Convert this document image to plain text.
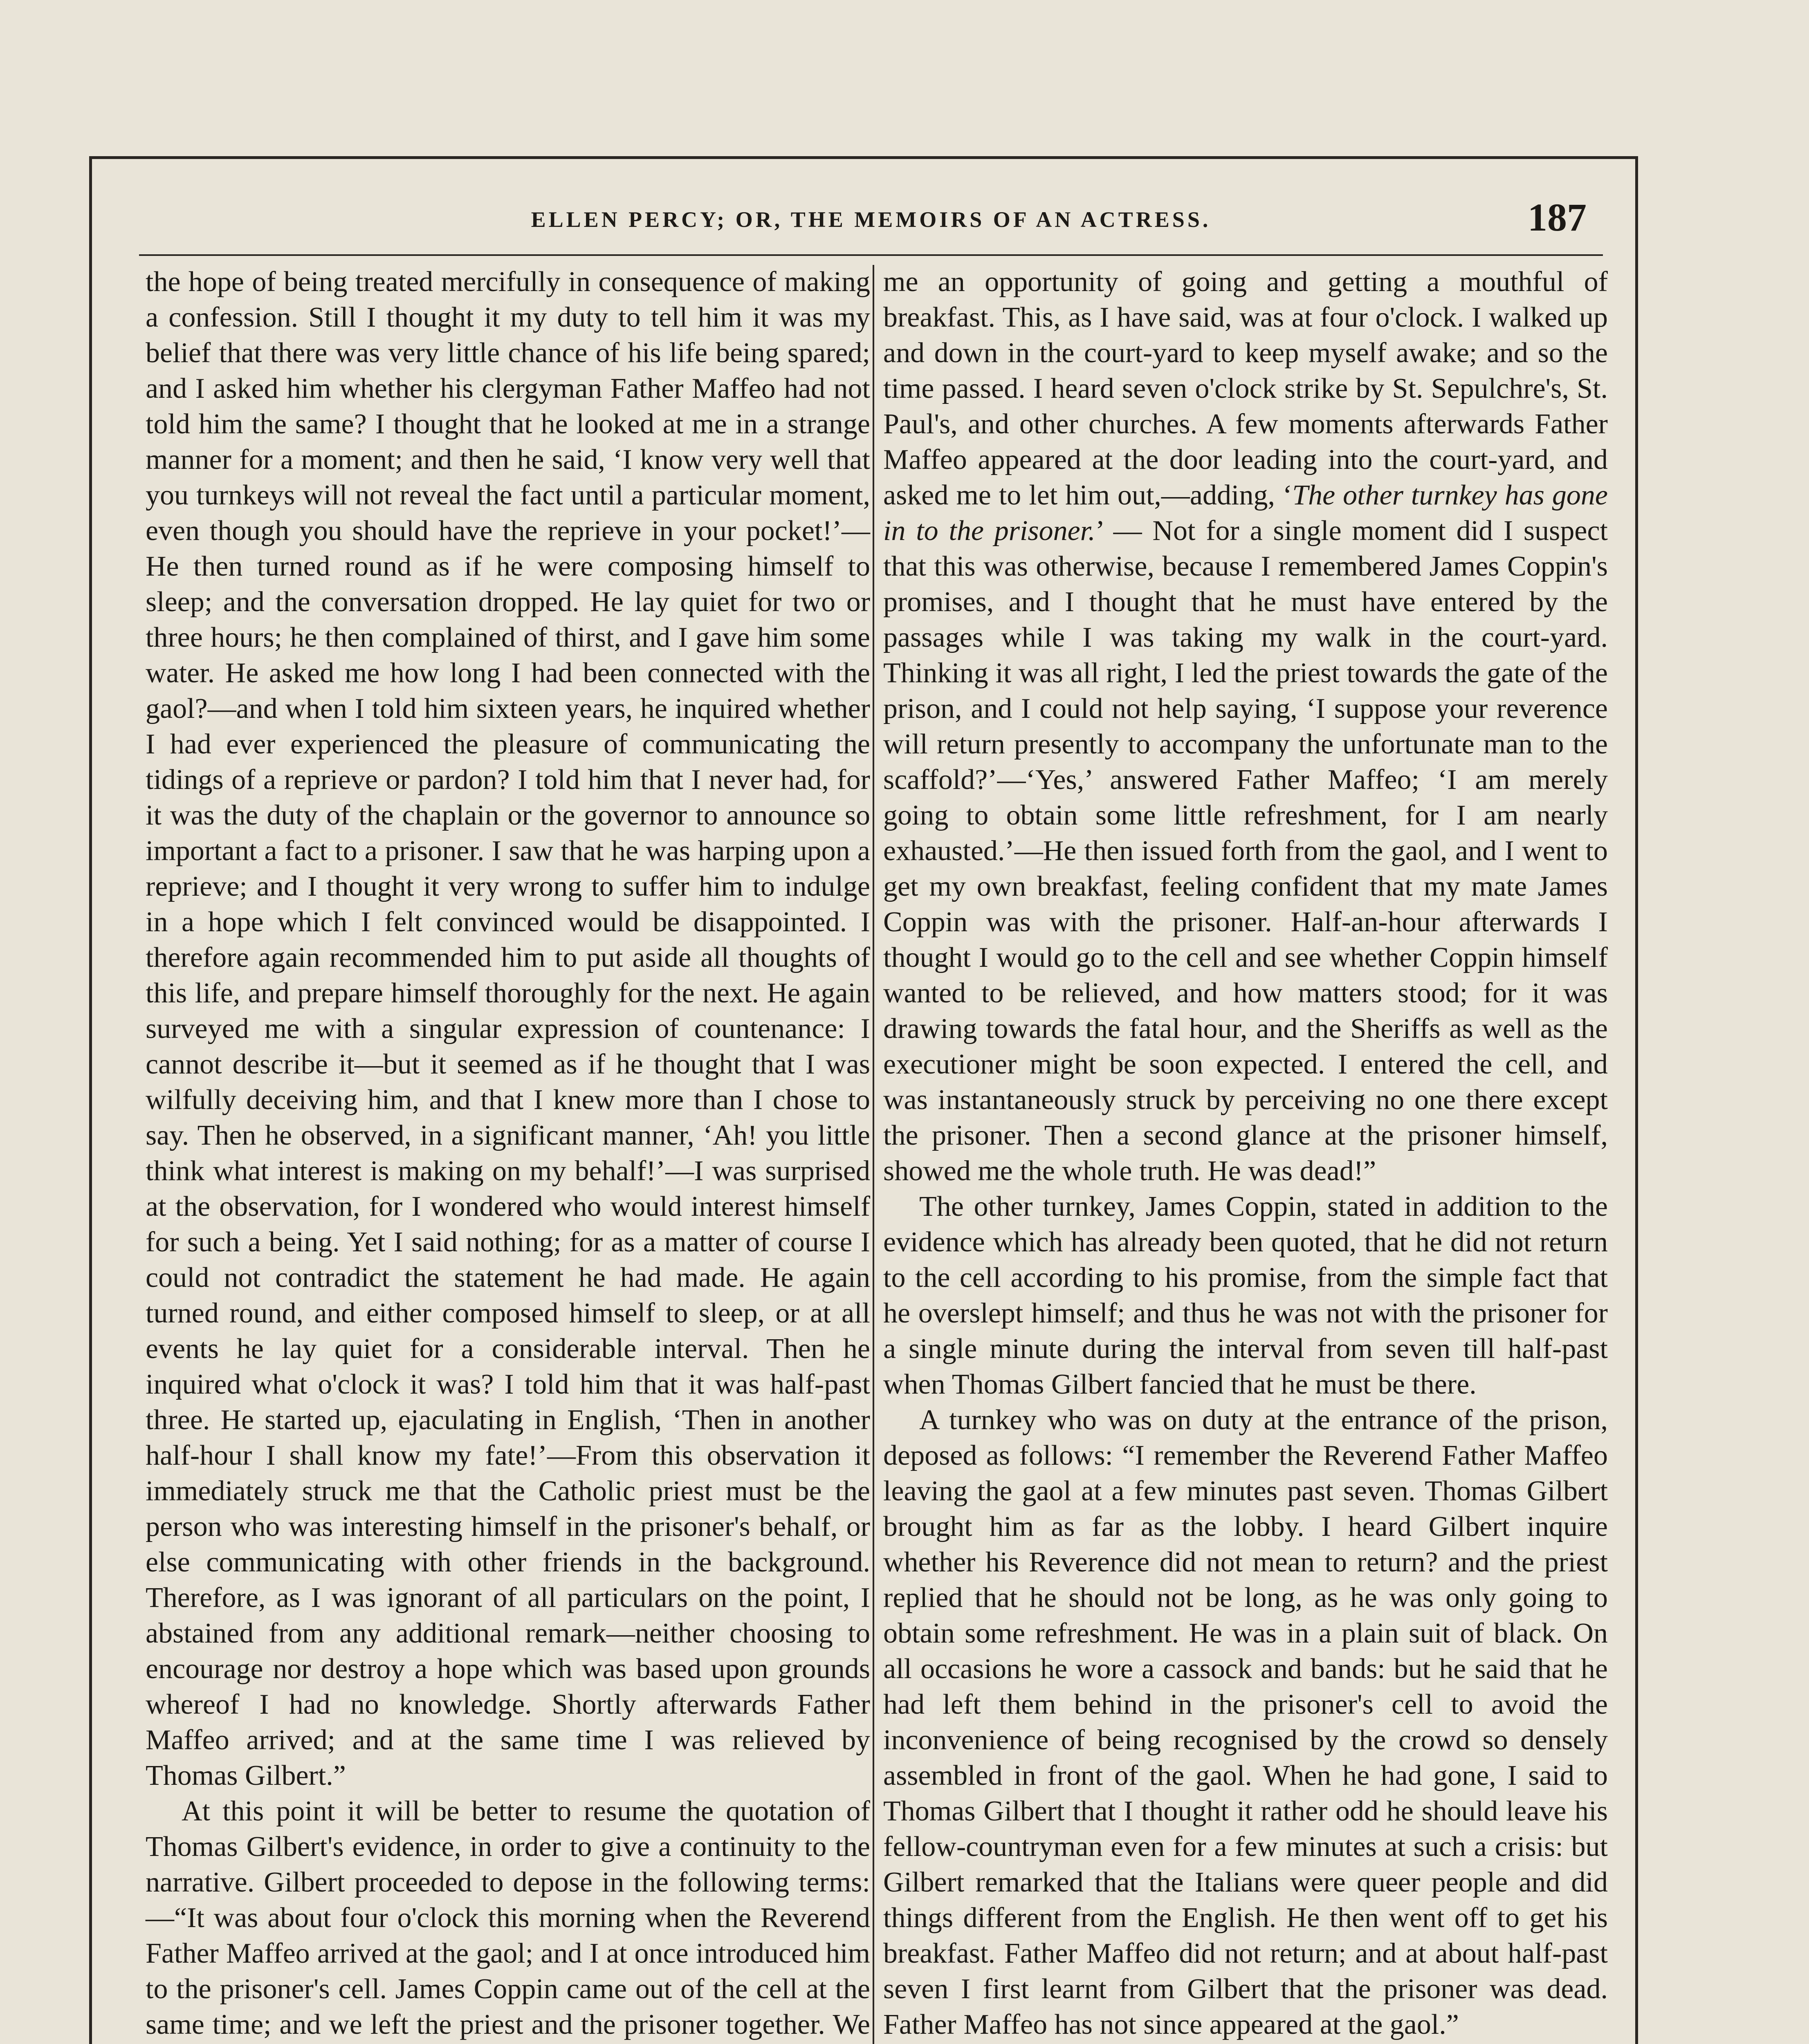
ELLEN PERCY; OR, THE MEMOIRS OF AN ACTRESS.	187

the hope of being treated mercifully in consequence of making a confession. Still I thought it my duty to tell him it was my belief that there was very little chance of his life being spared; and I asked him whether his clergyman Father Maffeo had not told him the same? I thought that he looked at me in a strange manner for a moment; and then he said, ‘I know very well that you turnkeys will not reveal the fact until a particular moment, even though you should have the reprieve in your pocket!’—He then turned round as if he were composing himself to sleep; and the conversation dropped. He lay quiet for two or three hours; he then complained of thirst, and I gave him some water. He asked me how long I had been connected with the gaol?—and when I told him sixteen years, he inquired whether I had ever experienced the pleasure of communicating the tidings of a reprieve or pardon? I told him that I never had, for it was the duty of the chaplain or the governor to announce so important a fact to a prisoner. I saw that he was harping upon a reprieve; and I thought it very wrong to suffer him to indulge in a hope which I felt convinced would be disappointed. I therefore again recommended him to put aside all thoughts of this life, and prepare himself thoroughly for the next. He again surveyed me with a singular expression of countenance: I cannot describe it—but it seemed as if he thought that I was wilfully deceiving him, and that I knew more than I chose to say. Then he observed, in a significant manner, ‘Ah! you little think what interest is making on my behalf!’—I was surprised at the observation, for I wondered who would interest himself for such a being. Yet I said nothing; for as a matter of course I could not contradict the statement he had made. He again turned round, and either composed himself to sleep, or at all events he lay quiet for a considerable interval. Then he inquired what o'clock it was? I told him that it was half-past three. He started up, ejaculating in English, ‘Then in another half-hour I shall know my fate!’—From this observation it immediately struck me that the Catholic priest must be the person who was interesting himself in the prisoner's behalf, or else communicating with other friends in the background. Therefore, as I was ignorant of all particulars on the point, I abstained from any additional remark—neither choosing to encourage nor destroy a hope which was based upon grounds whereof I had no knowledge. Shortly afterwards Father Maffeo arrived; and at the same time I was relieved by Thomas Gilbert.”

At this point it will be better to resume the quotation of Thomas Gilbert's evidence, in order to give a continuity to the narrative. Gilbert proceeded to depose in the following terms:—“It was about four o'clock this morning when the Reverend Father Maffeo arrived at the gaol; and I at once introduced him to the prisoner's cell. James Coppin came out of the cell at the same time; and we left the priest and the prisoner together. We

me an opportunity of going and getting a mouthful of breakfast. This, as I have said, was at four o'clock. I walked up and down in the court-yard to keep myself awake; and so the time passed. I heard seven o'clock strike by St. Sepulchre's, St. Paul's, and other churches. A few moments afterwards Father Maffeo appeared at the door leading into the court-yard, and asked me to let him out,—adding, ‘The other turnkey has gone in to the prisoner.’ — Not for a single moment did I suspect that this was otherwise, because I remembered James Coppin's promises, and I thought that he must have entered by the passages while I was taking my walk in the court-yard. Thinking it was all right, I led the priest towards the gate of the prison, and I could not help saying, ‘I suppose your reverence will return presently to accompany the unfortunate man to the scaffold?’—‘Yes,’ answered Father Maffeo; ‘I am merely going to obtain some little refreshment, for I am nearly exhausted.’—He then issued forth from the gaol, and I went to get my own breakfast, feeling confident that my mate James Coppin was with the prisoner. Half-an-hour afterwards I thought I would go to the cell and see whether Coppin himself wanted to be relieved, and how matters stood; for it was drawing towards the fatal hour, and the Sheriffs as well as the executioner might be soon expected. I entered the cell, and was instantaneously struck by perceiving no one there except the prisoner. Then a second glance at the prisoner himself, showed me the whole truth. He was dead!”

The other turnkey, James Coppin, stated in addition to the evidence which has already been quoted, that he did not return to the cell according to his promise, from the simple fact that he overslept himself; and thus he was not with the prisoner for a single minute during the interval from seven till half-past when Thomas Gilbert fancied that he must be there.

A turnkey who was on duty at the entrance of the prison, deposed as follows: “I remember the Reverend Father Maffeo leaving the gaol at a few minutes past seven. Thomas Gilbert brought him as far as the lobby. I heard Gilbert inquire whether his Reverence did not mean to return? and the priest replied that he should not be long, as he was only going to obtain some refreshment. He was in a plain suit of black. On all occasions he wore a cassock and bands: but he said that he had left them behind in the prisoner's cell to avoid the inconvenience of being recognised by the crowd so densely assembled in front of the gaol. When he had gone, I said to Thomas Gilbert that I thought it rather odd he should leave his fellow-countryman even for a few minutes at such a crisis: but Gilbert remarked that the Italians were queer people and did things different from the English. He then went off to get his breakfast. Father Maffeo did not return; and at about half-past seven I first learnt from Gilbert that the prisoner was dead. Father Maffeo has not since appeared at the gaol.”
